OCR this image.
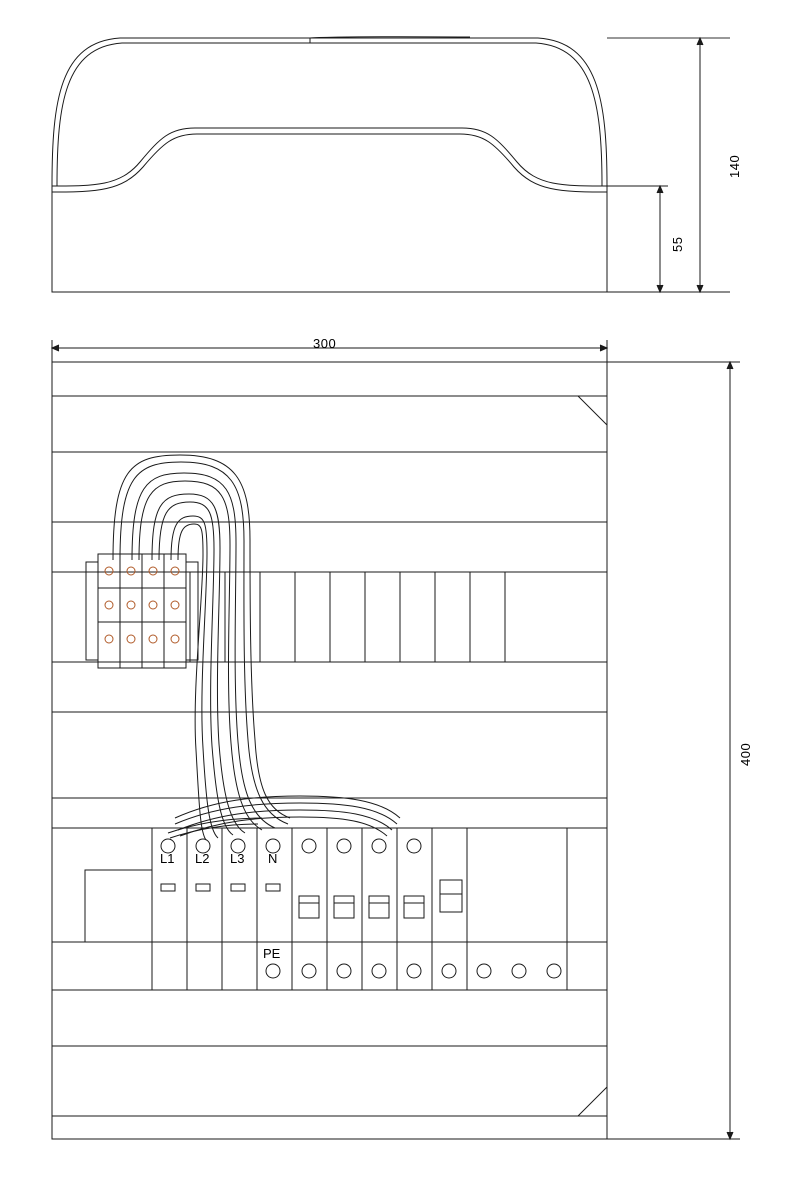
140
55
300
400
L1 L2 L3 N
PE
